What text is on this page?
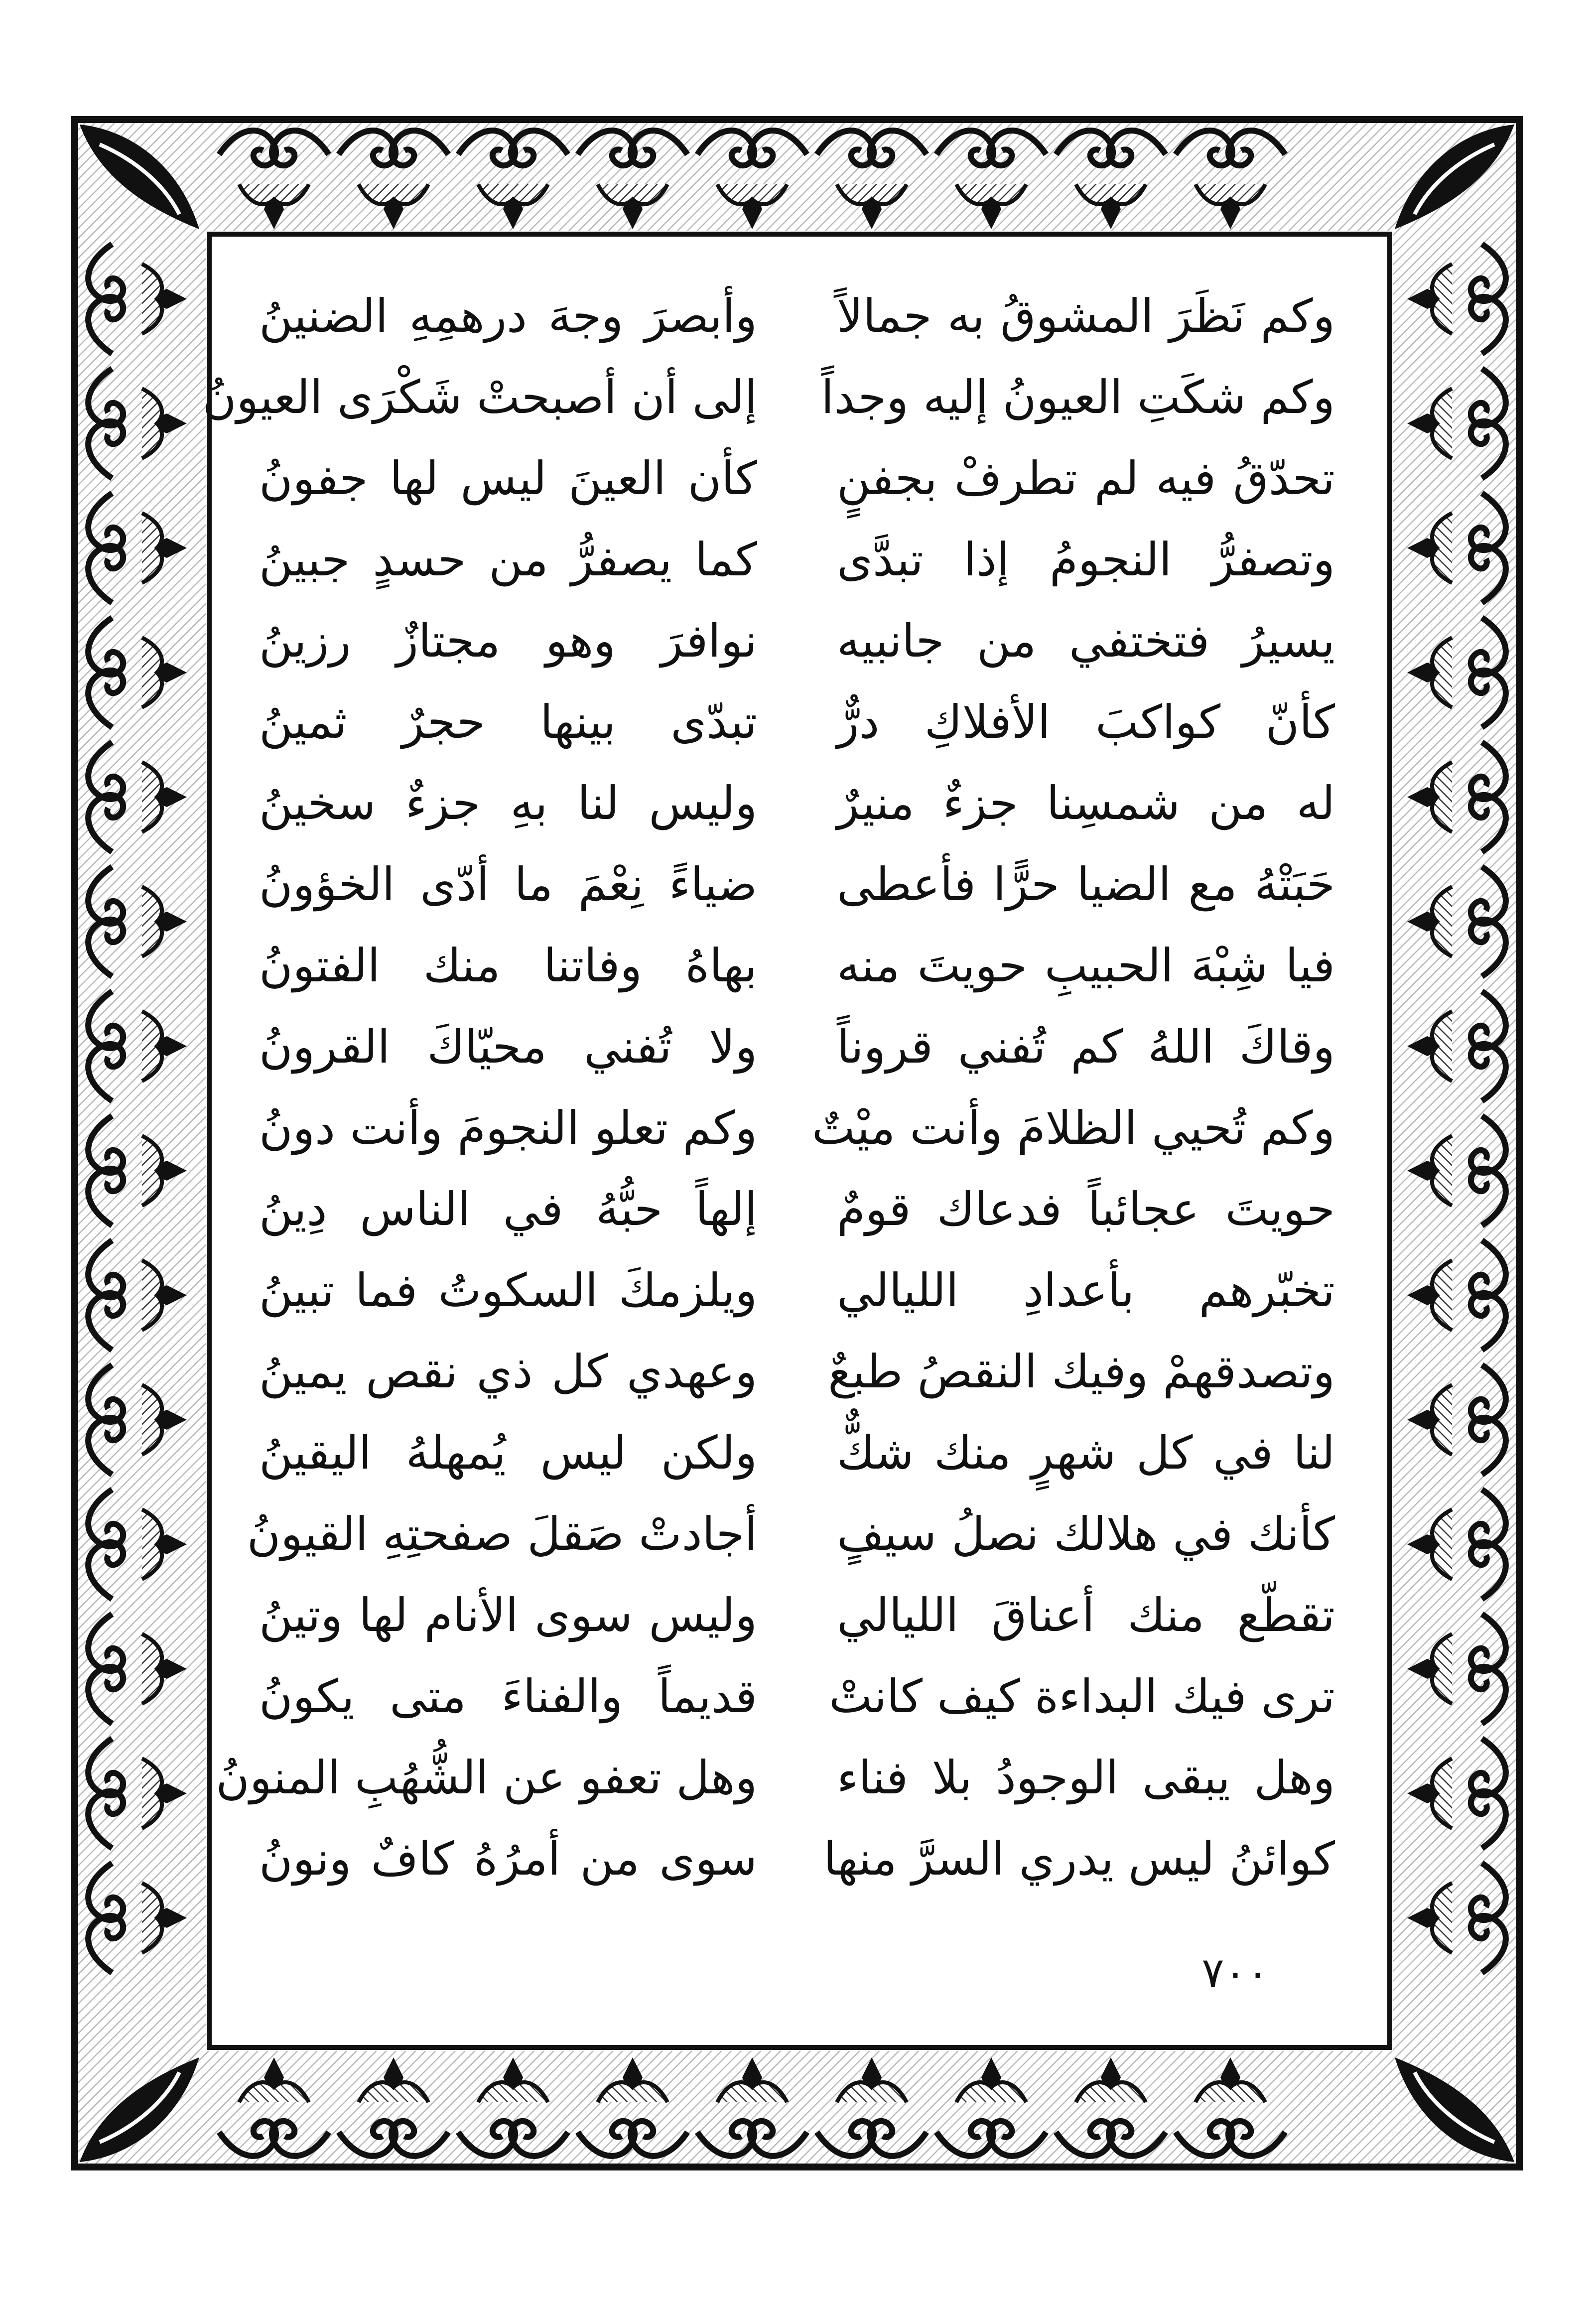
وكم نَظَرَ المشوقُ به جمالاً
وأبصرَ وجهَ درهمِهِ الضنينُ
وكم شكَتِ العيونُ إليه وجداً
إلى أن أصبحتْ شَكْرَى العيونُ
تحدّقُ فيه لم تطرفْ بجفنٍ
كأن العينَ ليس لها جفونُ
وتصفرُّ النجومُ إذا تبدَّى
كما يصفرُّ من حسدٍ جبينُ
يسيرُ فتختفي من جانبيه
نوافرَ وهو مجتازٌ رزينُ
كأنّ كواكبَ الأفلاكِ درٌّ
تبدّى بينها حجرٌ ثمينُ
له من شمسِنا جزءٌ منيرٌ
وليس لنا بهِ جزءٌ سخينُ
حَبَتْهُ مع الضيا حرًّا فأعطى
ضياءً نِعْمَ ما أدّى الخؤونُ
فيا شِبْهَ الحبيبِ حويتَ منه
بهاهُ وفاتنا منك الفتونُ
وقاكَ اللهُ كم تُفني قروناً
ولا تُفني محيّاكَ القرونُ
وكم تُحيي الظلامَ وأنت ميْتٌ
وكم تعلو النجومَ وأنت دونُ
حويتَ عجائباً فدعاك قومٌ
إلهاً حبُّهُ في الناس دِينُ
تخبّرهم بأعدادِ الليالي
ويلزمكَ السكوتُ فما تبينُ
وتصدقهمْ وفيك النقصُ طبعٌ
وعهدي كل ذي نقص يمينُ
لنا في كل شهرٍ منك شكٌّ
ولكن ليس يُمهلهُ اليقينُ
كأنك في هلالك نصلُ سيفٍ
أجادتْ صَقلَ صفحتِهِ القيونُ
تقطّع منك أعناقَ الليالي
وليس سوى الأنام لها وتينُ
ترى فيك البداءة كيف كانتْ
قديماً والفناءَ متى يكونُ
وهل يبقى الوجودُ بلا فناء
وهل تعفو عن الشُّهُبِ المنونُ
كوائنُ ليس يدري السرَّ منها
سوى من أمرُهُ كافٌ ونونُ
٧٠٠
